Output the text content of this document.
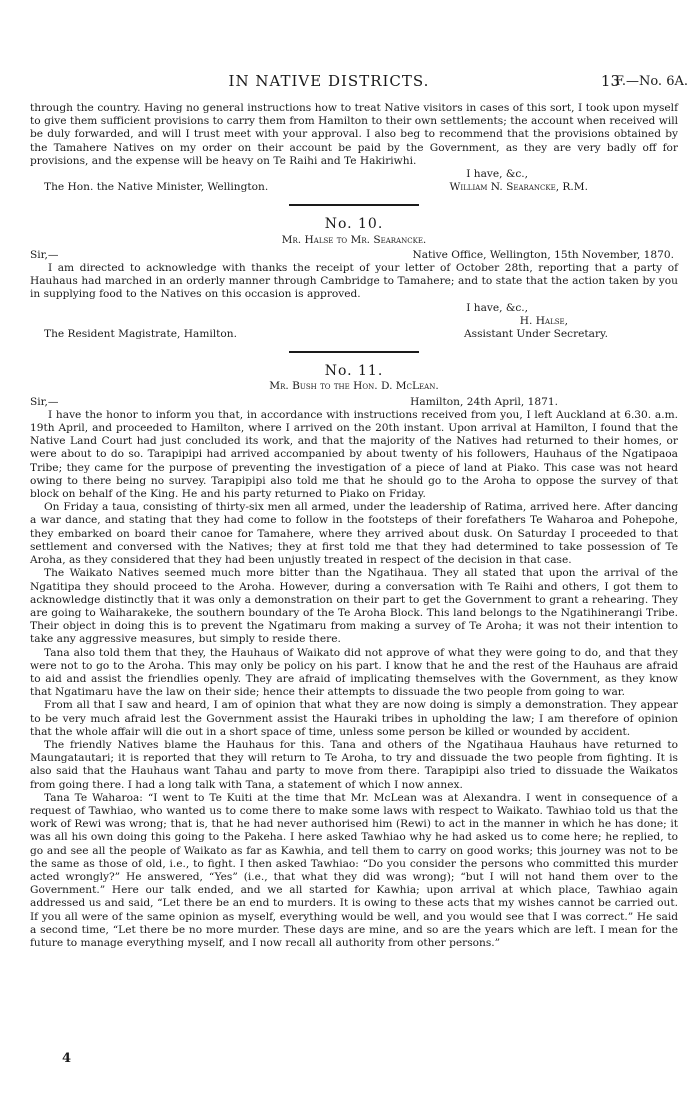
IN NATIVE DISTRICTS.	13
F.—No. 6A.

through the country. Having no general instructions how to treat Native visitors in cases of this sort, I took upon myself to give them sufficient provisions to carry them from Hamilton to their own settlements; the account when received will be duly forwarded, and will I trust meet with your approval. I also beg to recommend that the provisions obtained by the Tamahere Natives on my order on their account be paid by the Government, as they are very badly off for provisions, and the expense will be heavy on Te Raihi and Te Hakiriwhi.

I have, &c.,

The Hon. the Native Minister, Wellington.	William N. Searancke, R.M.
No. 10.
Mr. Halse to Mr. Searancke.
Sir,—	Native Office, Wellington, 15th November, 1870.

I am directed to acknowledge with thanks the receipt of your letter of October 28th, reporting that a party of Hauhaus had marched in an orderly manner through Cambridge to Tamahere; and to state that the action taken by you in supplying food to the Natives on this occasion is approved.

I have, &c.,

H. Halse,

The Resident Magistrate, Hamilton.	Assistant Under Secretary.
No. 11.
Mr. Bush to the Hon. D. McLean.
Sir,—	Hamilton, 24th April, 1871.

I have the honor to inform you that, in accordance with instructions received from you, I left Auckland at 6.30. a.m. 19th April, and proceeded to Hamilton, where I arrived on the 20th instant. Upon arrival at Hamilton, I found that the Native Land Court had just concluded its work, and that the majority of the Natives had returned to their homes, or were about to do so. Tarapipipi had arrived accompanied by about twenty of his followers, Hauhaus of the Ngatipaoa Tribe; they came for the purpose of preventing the investigation of a piece of land at Piako. This case was not heard owing to there being no survey. Tarapipipi also told me that he should go to the Aroha to oppose the survey of that block on behalf of the King. He and his party returned to Piako on Friday.

On Friday a taua, consisting of thirty-six men all armed, under the leadership of Ratima, arrived here. After dancing a war dance, and stating that they had come to follow in the footsteps of their forefathers Te Waharoa and Pohepohe, they embarked on board their canoe for Tamahere, where they arrived about dusk. On Saturday I proceeded to that settlement and conversed with the Natives; they at first told me that they had determined to take possession of Te Aroha, as they considered that they had been unjustly treated in respect of the decision in that case.

The Waikato Natives seemed much more bitter than the Ngatihaua. They all stated that upon the arrival of the Ngatitipa they should proceed to the Aroha. However, during a conversation with Te Raihi and others, I got them to acknowledge distinctly that it was only a demonstration on their part to get the Government to grant a rehearing. They are going to Waiharakeke, the southern boundary of the Te Aroha Block. This land belongs to the Ngatihinerangi Tribe. Their object in doing this is to prevent the Ngatimaru from making a survey of Te Aroha; it was not their intention to take any aggressive measures, but simply to reside there.

Tana also told them that they, the Hauhaus of Waikato did not approve of what they were going to do, and that they were not to go to the Aroha. This may only be policy on his part. I know that he and the rest of the Hauhaus are afraid to aid and assist the friendlies openly. They are afraid of implicating themselves with the Government, as they know that Ngatimaru have the law on their side; hence their attempts to dissuade the two people from going to war.

From all that I saw and heard, I am of opinion that what they are now doing is simply a demonstration. They appear to be very much afraid lest the Government assist the Hauraki tribes in upholding the law; I am therefore of opinion that the whole affair will die out in a short space of time, unless some person be killed or wounded by accident.

The friendly Natives blame the Hauhaus for this. Tana and others of the Ngatihaua Hauhaus have returned to Maungatautari; it is reported that they will return to Te Aroha, to try and dissuade the two people from fighting. It is also said that the Hauhaus want Tahau and party to move from there. Tarapipipi also tried to dissuade the Waikatos from going there. I had a long talk with Tana, a statement of which I now annex.

Tana Te Waharoa: “I went to Te Kuiti at the time that Mr. McLean was at Alexandra. I went in consequence of a request of Tawhiao, who wanted us to come there to make some laws with respect to Waikato. Tawhiao told us that the work of Rewi was wrong; that is, that he had never authorised him (Rewi) to act in the manner in which he has done; it was all his own doing this going to the Pakeha. I here asked Tawhiao why he had asked us to come here; he replied, to go and see all the people of Waikato as far as Kawhia, and tell them to carry on good works; this journey was not to be the same as those of old, i.e., to fight. I then asked Tawhiao: “Do you consider the persons who committed this murder acted wrongly?” He answered, “Yes” (i.e., that what they did was wrong); “but I will not hand them over to the Government.” Here our talk ended, and we all started for Kawhia; upon arrival at which place, Tawhiao again addressed us and said, “Let there be an end to murders. It is owing to these acts that my wishes cannot be carried out. If you all were of the same opinion as myself, everything would be well, and you would see that I was correct.” He said a second time, “Let there be no more murder. These days are mine, and so are the years which are left. I mean for the future to manage everything myself, and I now recall all authority from other persons.”

4
